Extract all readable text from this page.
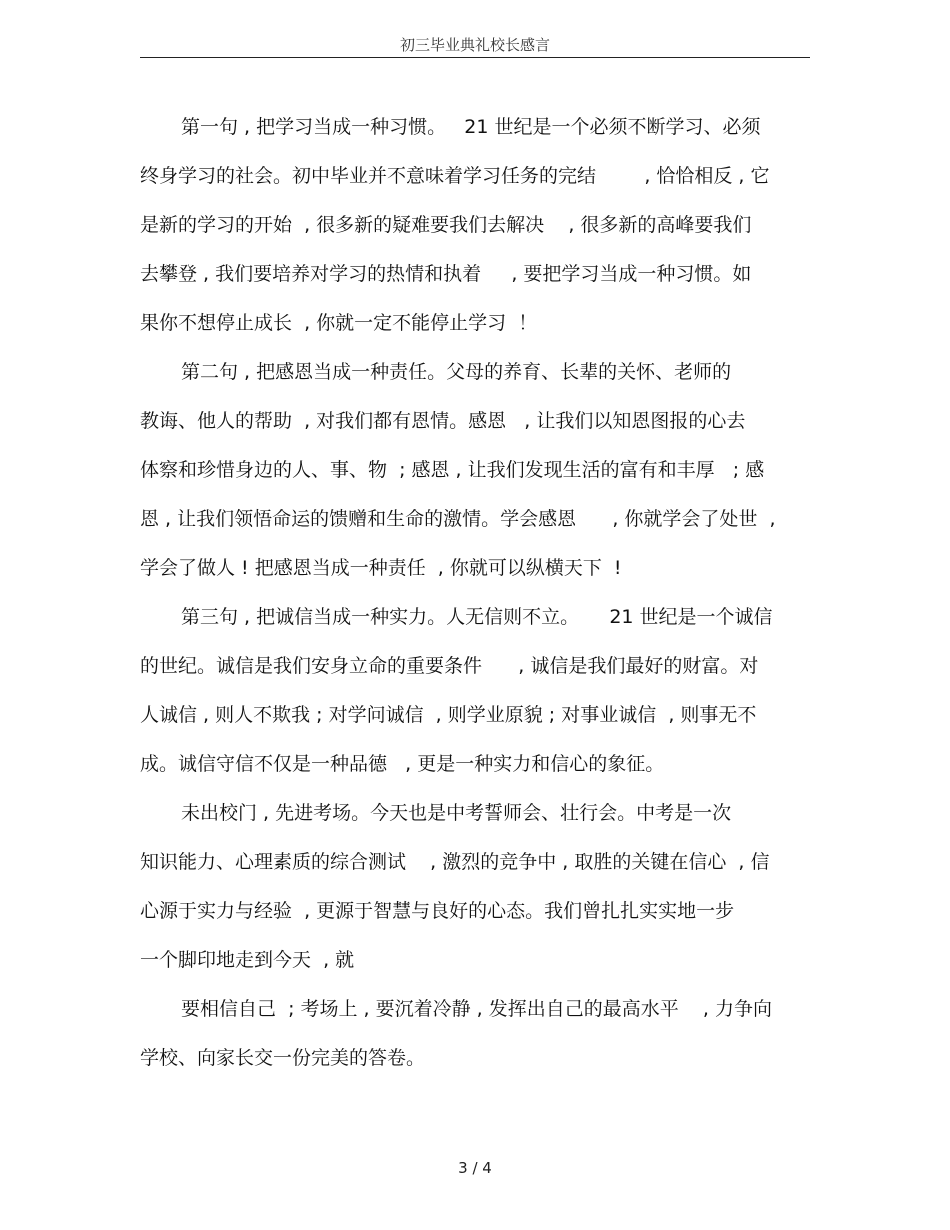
初三毕业典礼校长感言
第一句 , 把学习当成一种习惯。   21 世纪是一个必须不断学习、必须
终身学习的社会。初中毕业并不意味着学习任务的完结        , 恰恰相反 , 它
是新的学习的开始  , 很多新的疑难要我们去解决    , 很多新的高峰要我们
去攀登 , 我们要培养对学习的热情和执着     , 要把学习当成一种习惯。如
果你不想停止成长  , 你就一定不能停止学习  ！
第二句 , 把感恩当成一种责任。父母的养育、长辈的关怀、老师的
教诲、他人的帮助  , 对我们都有恩情。感恩   , 让我们以知恩图报的心去
体察和珍惜身边的人、事、物  ; 感恩 , 让我们发现生活的富有和丰厚   ; 感
恩 , 让我们领悟命运的馈赠和生命的激情。学会感恩      , 你就学会了处世  ,
学会了做人 ! 把感恩当成一种责任  , 你就可以纵横天下  !
第三句 , 把诚信当成一种实力。人无信则不立。     21 世纪是一个诚信
的世纪。诚信是我们安身立命的重要条件      , 诚信是我们最好的财富。对
人诚信 , 则人不欺我 ; 对学问诚信  , 则学业原貌 ; 对事业诚信  , 则事无不
成。诚信守信不仅是一种品德   , 更是一种实力和信心的象征。
未出校门 , 先进考场。今天也是中考誓师会、壮行会。中考是一次
知识能力、心理素质的综合测试    , 激烈的竞争中 , 取胜的关键在信心  , 信
心源于实力与经验  , 更源于智慧与良好的心态。我们曾扎扎实实地一步
一个脚印地走到今天  , 就
要相信自己  ; 考场上 , 要沉着冷静 , 发挥出自己的最高水平    , 力争向
学校、向家长交一份完美的答卷。
3 / 4
